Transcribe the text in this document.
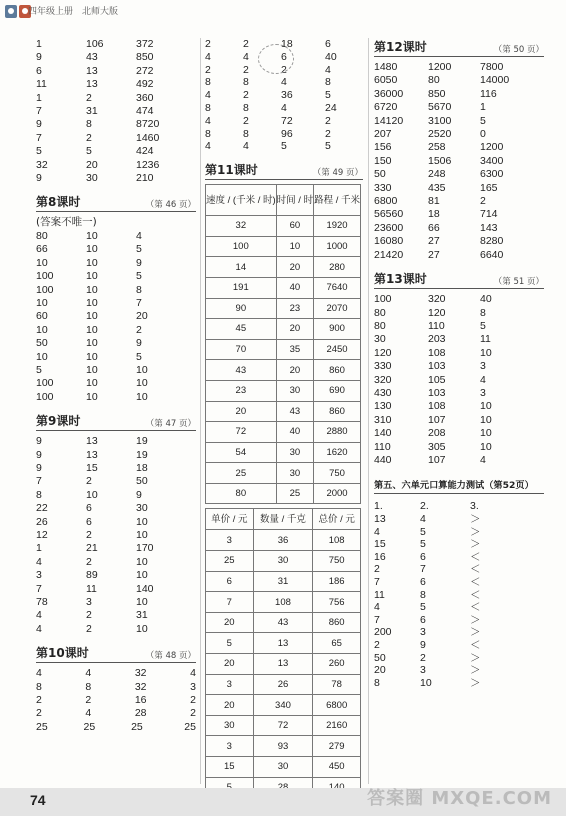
四年级上册　北师大版
1	106	372
9	43	850
6	13	272
11	13	492
1	2	360
7	31	474
9	8	8720
7	2	1460
5	5	424
32	20	1236
9	30	210
第8课时	（第 46 页）
(答案不唯一)
80	10	4
66	10	5
10	10	9
100	10	5
100	10	8
10	10	7
60	10	20
10	10	2
50	10	9
10	10	5
5	10	10
100	10	10
100	10	10
第9课时	（第 47 页）
9	13	19
9	13	19
9	15	18
7	2	50
8	10	9
22	6	30
26	6	10
12	2	10
1	21	170
4	2	10
3	89	10
7	11	140
78	3	10
4	2	31
4	2	10
第10课时	（第 48 页）
4	4	32	4
8	8	32	3
2	2	16	2
2	4	28	2
25	25	25	25
2	2	18	6
4	4	6	40
2	2	2	4
8	8	4	8
4	2	36	5
8	8	4	24
4	2	72	2
8	8	96	2
4	4	5	5
第11课时	（第 49 页）
速度 / (千米 / 时)	时间 / 时	路程 / 千米
32	60	1920
100	10	1000
14	20	280
191	40	7640
90	23	2070
45	20	900
70	35	2450
43	20	860
23	30	690
20	43	860
72	40	2880
54	30	1620
25	30	750
80	25	2000
单价 / 元	数量 / 千克	总价 / 元
3	36	108
25	30	750
6	31	186
7	108	756
20	43	860
5	13	65
20	13	260
3	26	78
20	340	6800
30	72	2160
3	93	279
15	30	450

第12课时	（第 50 页）
1480	1200	7800
6050	80	14000
36000	850	116
6720	5670	1
14120	3100	5
207	2520	0
156	258	1200
150	1506	3400
50	248	6300
330	435	165
6800	81	2
56560	18	714
23600	66	143
16080	27	8280
21420	27	6640
第13课时	（第 51 页）
100	320	40
80	120	8
80	110	5
30	203	11
120	108	10
330	103	3
320	105	4
430	103	3
130	108	10
310	107	10
140	208	10
110	305	10
440	107	4
第五、六单元口算能力测试（第52页）
1.	2.	3.
13	4	＞
4	5	＞
15	5	＞
16	6	＜
2	7	＜
7	6	＜
11	8	＜
4	5	＜
7	6	＞
200	3	＞
2	9	＜
50	2	＞
20	3	＞
8	10	＞
74	答案圈 MXQE.COM
